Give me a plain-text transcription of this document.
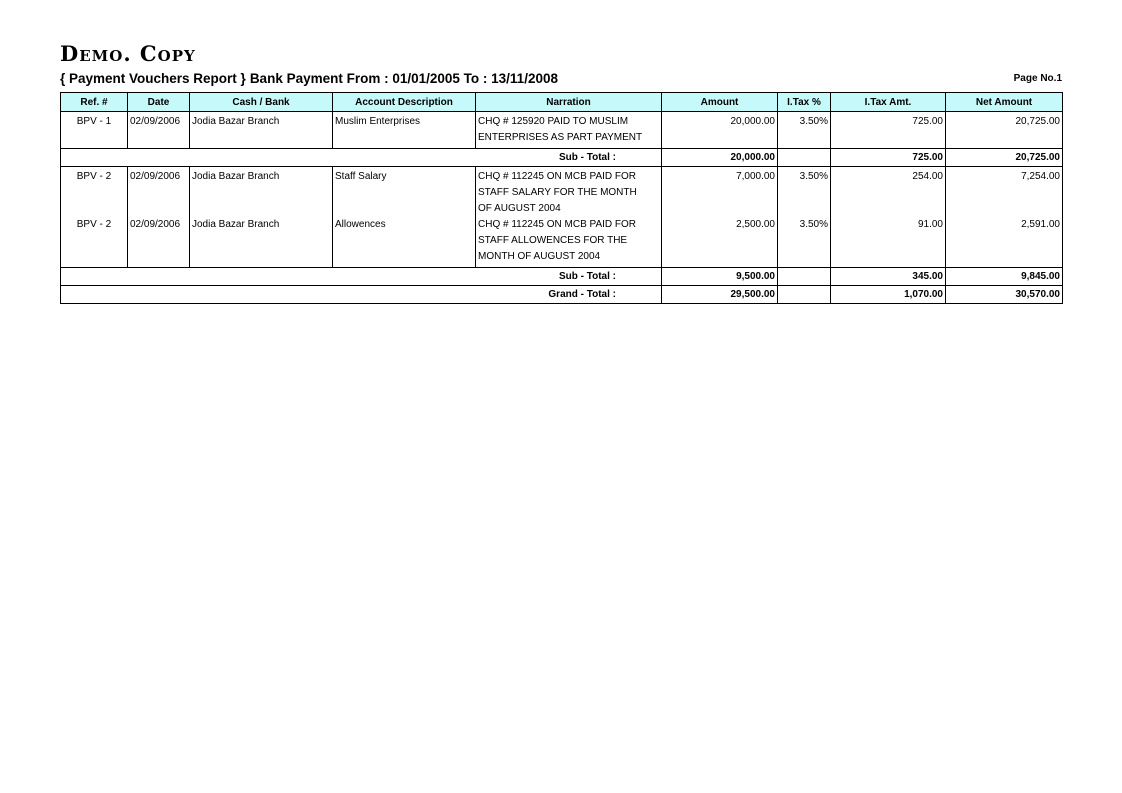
Demo. Copy
{ Payment Vouchers Report } Bank Payment From : 01/01/2005 To : 13/11/2008	Page No.1
Ref. #	Date	Cash / Bank	Account Description	Narration	Amount	I.Tax %	I.Tax Amt.	Net Amount
BPV - 1	02/09/2006	Jodia Bazar Branch	Muslim Enterprises	CHQ # 125920 PAID TO MUSLIM
ENTERPRISES AS PART PAYMENT	20,000.00	3.50%	725.00	20,725.00
Sub - Total :					20,000.00		725.00	20,725.00
BPV - 2	02/09/2006	Jodia Bazar Branch	Staff Salary	CHQ # 112245 ON MCB PAID FOR
STAFF SALARY FOR THE MONTH
OF AUGUST 2004	7,000.00	3.50%	254.00	7,254.00
BPV - 2	02/09/2006	Jodia Bazar Branch	Allowences	CHQ # 112245 ON MCB PAID FOR
STAFF ALLOWENCES FOR THE
MONTH OF AUGUST 2004	2,500.00	3.50%	91.00	2,591.00
Sub - Total :					9,500.00		345.00	9,845.00
Grand - Total :					29,500.00		1,070.00	30,570.00
